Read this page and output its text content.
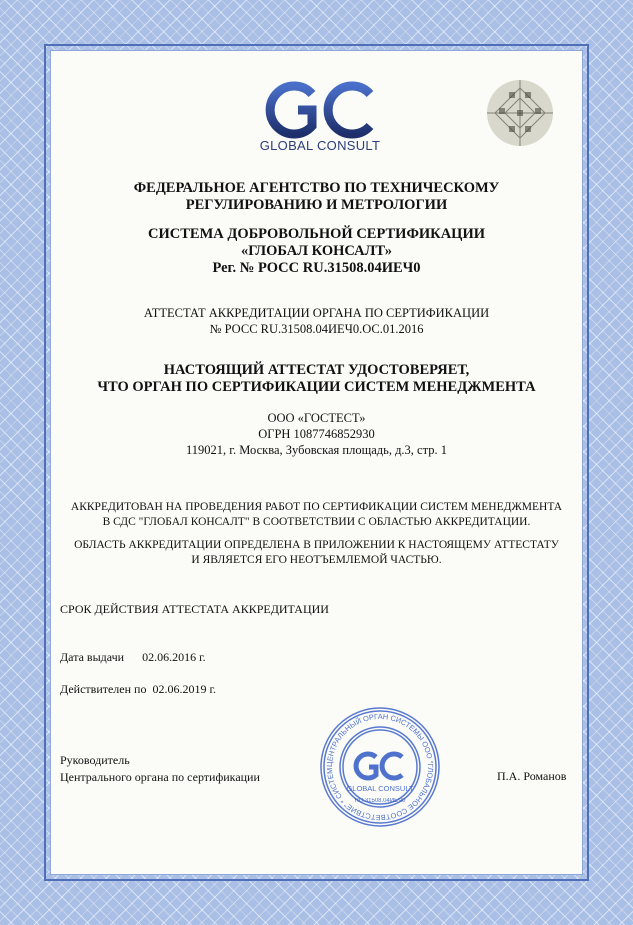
GLOBAL CONSULT
ФЕДЕРАЛЬНОЕ АГЕНТСТВО ПО ТЕХНИЧЕСКОМУ
РЕГУЛИРОВАНИЮ И МЕТРОЛОГИИ
СИСТЕМА ДОБРОВОЛЬНОЙ СЕРТИФИКАЦИИ
«ГЛОБАЛ КОНСАЛТ»
Рег. № РОСС RU.31508.04ИЕЧ0
АТТЕСТАТ АККРЕДИТАЦИИ ОРГАНА ПО СЕРТИФИКАЦИИ
№ РОСС RU.31508.04ИЕЧ0.ОС.01.2016
НАСТОЯЩИЙ АТТЕСТАТ УДОСТОВЕРЯЕТ,
ЧТО ОРГАН ПО СЕРТИФИКАЦИИ СИСТЕМ МЕНЕДЖМЕНТА
ООО «ГОСТЕСТ»
ОГРН 1087746852930
119021, г. Москва, Зубовская площадь, д.3, стр. 1
АККРЕДИТОВАН НА ПРОВЕДЕНИЯ РАБОТ ПО СЕРТИФИКАЦИИ СИСТЕМ МЕНЕДЖМЕНТА
В СДС "ГЛОБАЛ КОНСАЛТ" В СООТВЕТСТВИИ С ОБЛАСТЬЮ АККРЕДИТАЦИИ.
ОБЛАСТЬ АККРЕДИТАЦИИ ОПРЕДЕЛЕНА В ПРИЛОЖЕНИИ К НАСТОЯЩЕМУ АТТЕСТАТУ
И ЯВЛЯЕТСЯ ЕГО НЕОТЪЕМЛЕМОЙ ЧАСТЬЮ.
СРОК ДЕЙСТВИЯ АТТЕСТАТА АККРЕДИТАЦИИ
Дата выдачи 02.06.2016 г.
Действителен по 02.06.2019 г.
Руководитель
Центрального органа по сертификации	П.А. Романов
ЦЕНТРАЛЬНЫЙ ОРГАН СИСТЕМЫ ООО "ГЛОБАЛЬНОЕ СООТВЕТСТВИЕ" * СИСТЕМ
GLOBAL CONSULT
RU.31508.04ИЕЧ0
